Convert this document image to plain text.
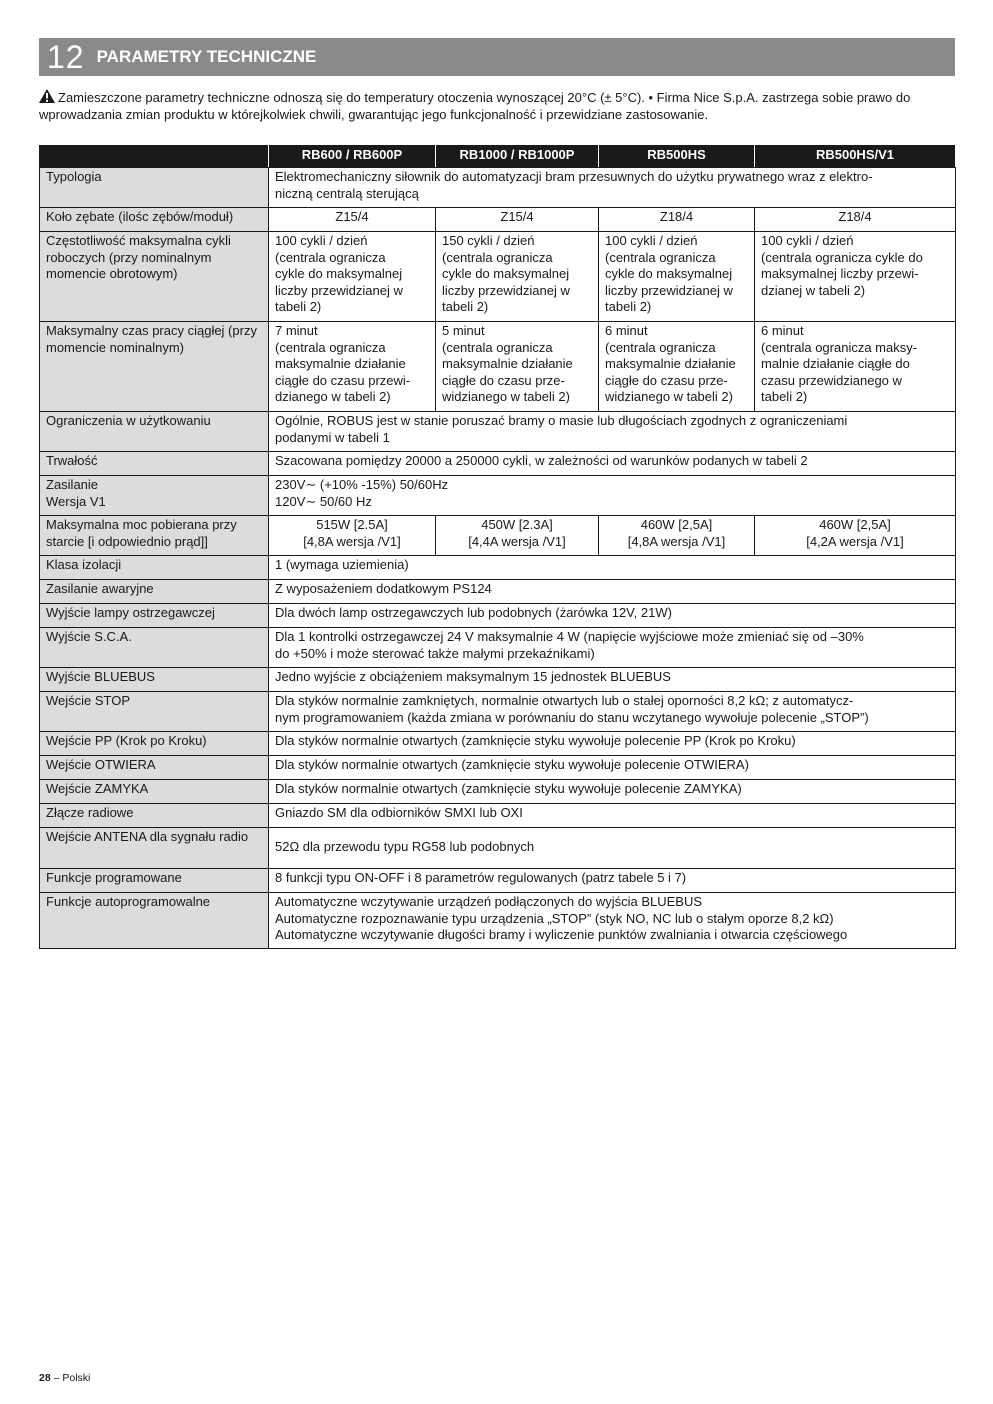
12 PARAMETRY TECHNICZNE

Zamieszczone parametry techniczne odnoszą się do temperatury otoczenia wynoszącej 20°C (± 5°C). • Firma Nice S.p.A. zastrzega sobie prawo do wprowadzania zmian produktu w którejkolwiek chwili, gwarantując jego funkcjonalność i przewidziane zastosowanie.

	RB600 / RB600P	RB1000 / RB1000P	RB500HS	RB500HS/V1
Typologia	Elektromechaniczny siłownik do automatyzacji bram przesuwnych do użytku prywatnego wraz z elektro-
niczną centralą sterującą			
Koło zębate (ilośc zębów/moduł)	Z15/4	Z15/4	Z18/4	Z18/4
Częstotliwość maksymalna cykli roboczych (przy nominalnym momencie obrotowym)	100 cykli / dzień
(centrala ogranicza
cykle do maksymalnej
liczby przewidzianej w
tabeli 2)	150 cykli / dzień
(centrala ogranicza
cykle do maksymalnej
liczby przewidzianej w
tabeli 2)	100 cykli / dzień
(centrala ogranicza
cykle do maksymalnej
liczby przewidzianej w
tabeli 2)	100 cykli / dzień
(centrala ogranicza cykle do
maksymalnej liczby przewi-
dzianej w tabeli 2)
Maksymalny czas pracy ciągłej (przy momencie nominalnym)	7 minut
(centrala ogranicza
maksymalnie działanie
ciągłe do czasu przewi-
dzianego w tabeli 2)	5 minut
(centrala ogranicza
maksymalnie działanie
ciągłe do czasu prze-
widzianego w tabeli 2)	6 minut
(centrala ogranicza
maksymalnie działanie
ciągłe do czasu prze-
widzianego w tabeli 2)	6 minut
(centrala ogranicza maksy-
malnie działanie ciągłe do
czasu przewidzianego w
tabeli 2)
Ograniczenia w użytkowaniu	Ogólnie, ROBUS jest w stanie poruszać bramy o masie lub długościach zgodnych z ograniczeniami
podanymi w tabeli 1			
Trwałość	Szacowana pomiędzy 20000 a 250000 cykli, w zależności od warunków podanych w tabeli 2			
Zasilanie
Wersja V1	230V∼ (+10% -15%) 50/60Hz
120V∼ 50/60 Hz			
Maksymalna moc pobierana przy starcie [i odpowiednio prąd]]	515W [2.5A]
[4,8A wersja /V1]	450W [2.3A]
[4,4A wersja /V1]	460W [2,5A]
[4,8A wersja /V1]	460W [2,5A]
[4,2A wersja /V1]
Klasa izolacji	1 (wymaga uziemienia)			
Zasilanie awaryjne	Z wyposażeniem dodatkowym PS124			
Wyjście lampy ostrzegawczej	Dla dwóch lamp ostrzegawczych lub podobnych (żarówka 12V, 21W)			
Wyjście S.C.A.	Dla 1 kontrolki ostrzegawczej 24 V maksymalnie 4 W (napięcie wyjściowe może zmieniać się od –30%
do +50% i może sterować także małymi przekaźnikami)			
Wyjście BLUEBUS	Jedno wyjście z obciążeniem maksymalnym 15 jednostek BLUEBUS			
Wejście STOP	Dla styków normalnie zamkniętych, normalnie otwartych lub o stałej oporności 8,2 kΩ; z automatycz-
nym programowaniem (każda zmiana w porównaniu do stanu wczytanego wywołuje polecenie „STOP”)			
Wejście PP (Krok po Kroku)	Dla styków normalnie otwartych (zamknięcie styku wywołuje polecenie PP (Krok po Kroku)			
Wejście OTWIERA	Dla styków normalnie otwartych (zamknięcie styku wywołuje polecenie OTWIERA)			
Wejście ZAMYKA	Dla styków normalnie otwartych (zamknięcie styku wywołuje polecenie ZAMYKA)			
Złącze radiowe	Gniazdo SM dla odbiorników SMXI lub OXI			
Wejście ANTENA dla sygnału radio	52Ω dla przewodu typu RG58 lub podobnych			
Funkcje programowane	8 funkcji typu ON-OFF i 8 parametrów regulowanych (patrz tabele 5 i 7)			
Funkcje autoprogramowalne	Automatyczne wczytywanie urządzeń podłączonych do wyjścia BLUEBUS
Automatyczne rozpoznawanie typu urządzenia „STOP” (styk NO, NC lub o stałym oporze 8,2 kΩ)
Automatyczne wczytywanie długości bramy i wyliczenie punktów zwalniania i otwarcia częściowego			
28 – Polski
